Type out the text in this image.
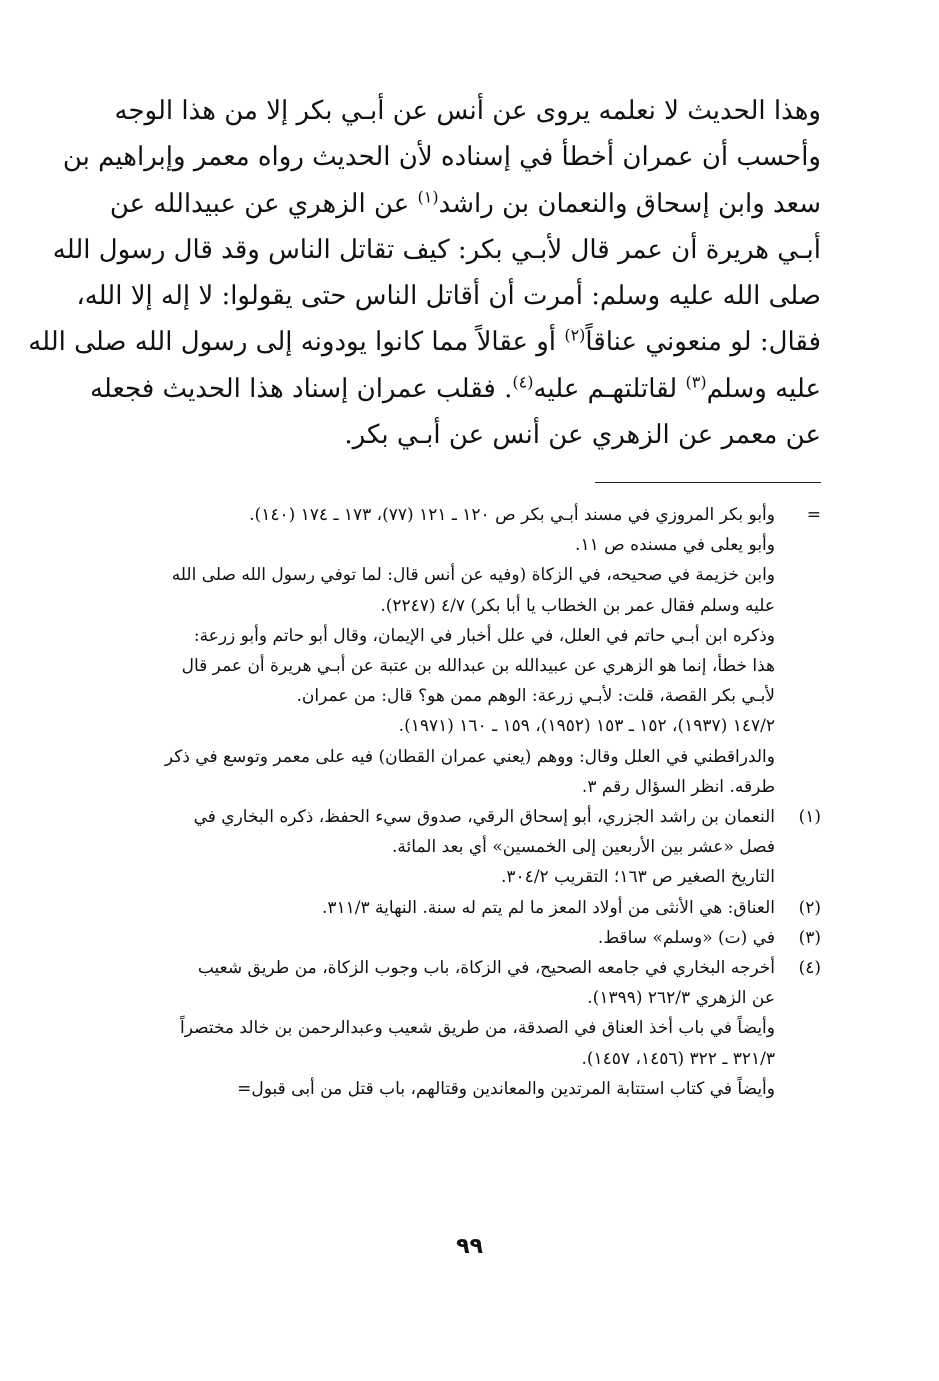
وهذا الحديث لا نعلمه يروى عن أنس عن أبـي بكر إلا من هذا الوجه
وأحسب أن عمران أخطأ في إسناده لأن الحديث رواه معمر وإبراهيم بن
سعد وابن إسحاق والنعمان بن راشد$^{(١)}$ عن الزهري عن عبيدالله عن
أبـي هريرة أن عمر قال لأبـي بكر: كيف تقاتل الناس وقد قال رسول الله
صلى الله عليه وسلم: أمرت أن أقاتل الناس حتى يقولوا: لا إله إلا الله،
فقال: لو منعوني عناقاً$^{(٢)}$ أو عقالاً مما كانوا يودونه إلى رسول الله صلى الله
عليه وسلم$^{(٣)}$ لقاتلتهـم عليه$^{(٤)}$. فقلب عمران إسناد هذا الحديث فجعله
عن معمر عن الزهري عن أنس عن أبـي بكر.
=
وأبو بكر المروزي في مسند أبـي بكر ص ١٢٠ ـ ١٢١ (٧٧)، ١٧٣ ـ ١٧٤ (١٤٠).
وأبو يعلى في مسنده ص ١١.
وابن خزيمة في صحيحه، في الزكاة (وفيه عن أنس قال: لما توفي رسول الله صلى الله
عليه وسلم فقال عمر بن الخطاب يا أبا بكر) ٤/٧ (٢٢٤٧).
وذكره ابن أبـي حاتم في العلل، في علل أخبار في الإيمان، وقال أبو حاتم وأبو زرعة:
هذا خطأ، إنما هو الزهري عن عبيدالله بن عبدالله بن عتبة عن أبـي هريرة أن عمر قال
لأبـي بكر القصة، قلت: لأبـي زرعة: الوهم ممن هو؟ قال: من عمران.
١٤٧/٢ (١٩٣٧)، ١٥٢ ـ ١٥٣ (١٩٥٢)، ١٥٩ ـ ١٦٠ (١٩٧١).
والدراقطني في العلل وقال: ووهم (يعني عمران القطان) فيه على معمر وتوسع في ذكر
طرقه. انظر السؤال رقم ٣.
(١)
النعمان بن راشد الجزري، أبو إسحاق الرقي، صدوق سيء الحفظ، ذكره البخاري في
فصل «عشر بين الأربعين إلى الخمسين» أي بعد المائة.
التاريخ الصغير ص ١٦٣؛ التقريب ٣٠٤/٢.
(٢)
العناق: هي الأنثى من أولاد المعز ما لم يتم له سنة. النهاية ٣١١/٣.
(٣)
في (ت) «وسلم» ساقط.
(٤)
أخرجه البخاري في جامعه الصحيح، في الزكاة، باب وجوب الزكاة، من طريق شعيب
عن الزهري ٢٦٢/٣ (١٣٩٩).
وأيضاً في باب أخذ العناق في الصدقة، من طريق شعيب وعبدالرحمن بن خالد مختصراً
٣٢١/٣ ـ ٣٢٢ (١٤٥٦، ١٤٥٧).
وأيضاً في كتاب استتابة المرتدين والمعاندين وقتالهم، باب قتل من أبى قبول=
٩٩
